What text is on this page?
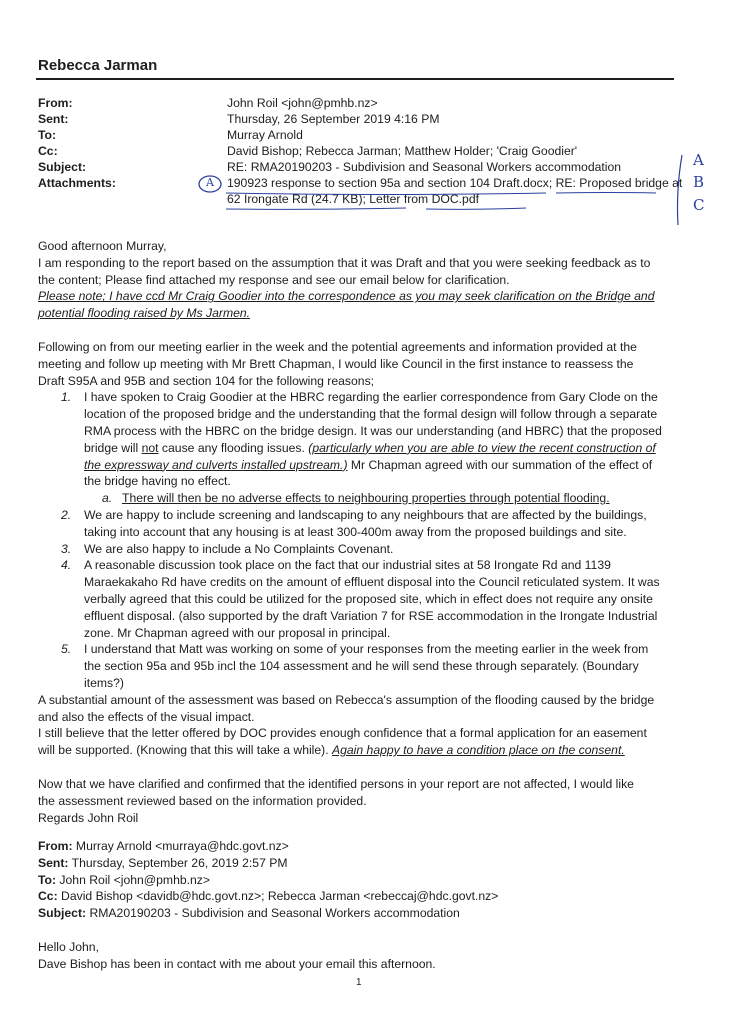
Rebecca Jarman
From:	John Roil <john@pmhb.nz>
Sent:	Thursday, 26 September 2019 4:16 PM
To:	Murray Arnold
Cc:	David Bishop; Rebecca Jarman; Matthew Holder; 'Craig Goodier'
Subject:	RE: RMA20190203 - Subdivision and Seasonal Workers accommodation
Attachments:	190923 response to section 95a and section 104 Draft.docx; RE: Proposed bridge at
62 Irongate Rd (24.7 KB); Letter from DOC.pdf
A
A
B
C
Good afternoon Murray,
I am responding to the report based on the assumption that it was Draft and that you were seeking feedback as to
the content; Please find attached my response and see our email below for clarification.
Please note; I have ccd Mr Craig Goodier into the correspondence as you may seek clarification on the Bridge and
potential flooding raised by Ms Jarmen.
Following on from our meeting earlier in the week and the potential agreements and information provided at the
meeting and follow up meeting with Mr Brett Chapman, I would like Council in the first instance to reassess the
Draft S95A and 95B and section 104 for the following reasons;
1. I have spoken to Craig Goodier at the HBRC regarding the earlier correspondence from Gary Clode on the
location of the proposed bridge and the understanding that the formal design will follow through a separate
RMA process with the HBRC on the bridge design. It was our understanding (and HBRC) that the proposed
bridge will not cause any flooding issues. (particularly when you are able to view the recent construction of
the expressway and culverts installed upstream.) Mr Chapman agreed with our summation of the effect of
the bridge having no effect.
a. There will then be no adverse effects to neighbouring properties through potential flooding.
2. We are happy to include screening and landscaping to any neighbours that are affected by the buildings,
taking into account that any housing is at least 300-400m away from the proposed buildings and site.
3. We are also happy to include a No Complaints Covenant.
4. A reasonable discussion took place on the fact that our industrial sites at 58 Irongate Rd and 1139
Maraekakaho Rd have credits on the amount of effluent disposal into the Council reticulated system. It was
verbally agreed that this could be utilized for the proposed site, which in effect does not require any onsite
effluent disposal. (also supported by the draft Variation 7 for RSE accommodation in the Irongate Industrial
zone. Mr Chapman agreed with our proposal in principal.
5. I understand that Matt was working on some of your responses from the meeting earlier in the week from
the section 95a and 95b incl the 104 assessment and he will send these through separately. (Boundary
items?)
A substantial amount of the assessment was based on Rebecca's assumption of the flooding caused by the bridge
and also the effects of the visual impact.
I still believe that the letter offered by DOC provides enough confidence that a formal application for an easement
will be supported. (Knowing that this will take a while). Again happy to have a condition place on the consent.
Now that we have clarified and confirmed that the identified persons in your report are not affected, I would like
the assessment reviewed based on the information provided.
Regards John Roil
From: Murray Arnold <murraya@hdc.govt.nz>
Sent: Thursday, September 26, 2019 2:57 PM
To: John Roil <john@pmhb.nz>
Cc: David Bishop <davidb@hdc.govt.nz>; Rebecca Jarman <rebeccaj@hdc.govt.nz>
Subject: RMA20190203 - Subdivision and Seasonal Workers accommodation
Hello John,
Dave Bishop has been in contact with me about your email this afternoon.
1
